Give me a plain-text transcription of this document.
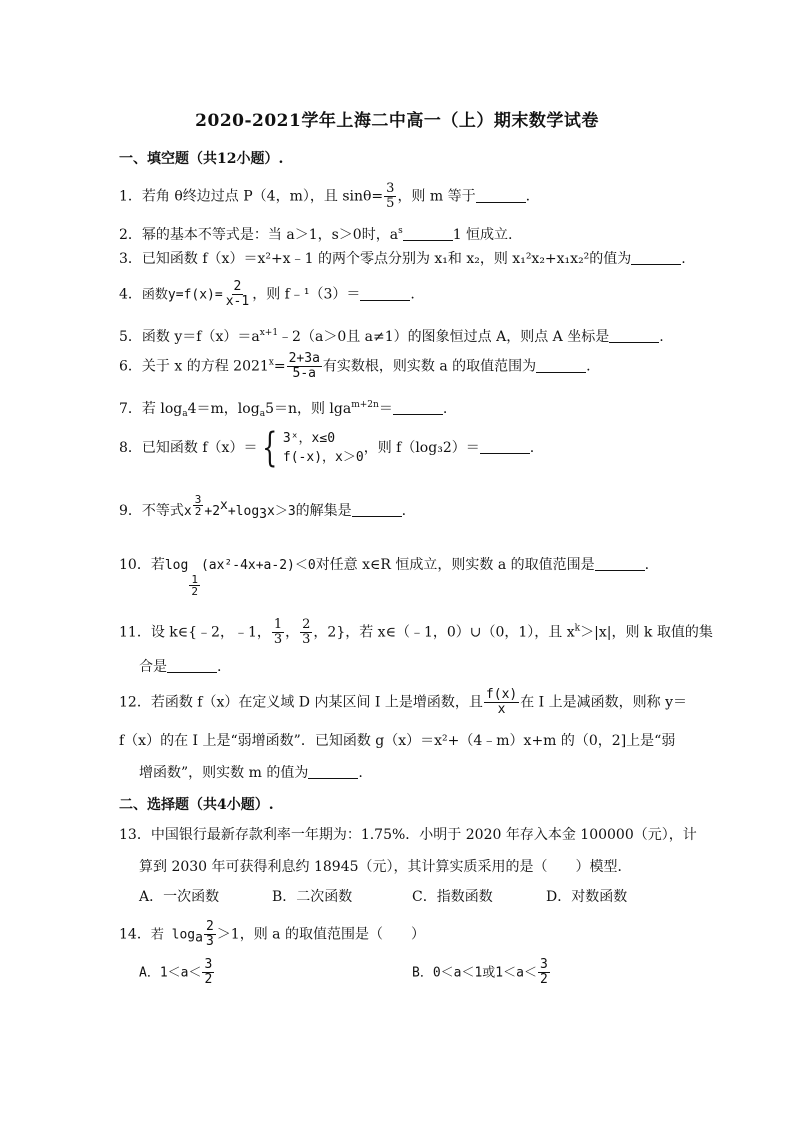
2020-2021学年上海二中高一（上）期末数学试卷
一、填空题（共12小题）.
1．若角 θ终边过点 P（4，m），且 $\sin\theta= \frac{3}{5}$ ，则 m 等于	.
2．幂的基本不等式是：当 a＞1，s＞0时，$a^s$	1 恒成立.
3．已知函数 f（x）＝x²+x﹣1 的两个零点分别为 x₁和 x₂，则 x₁²x₂+x₁x₂²的值为	.
4．函数$y=f(x)= \frac{2}{x-1}$ ，则 f﹣¹（3）＝	.
5．函数 $y=f(x)=a^{x+1}﹣2(a>0$且 a≠1）的图象恒过点 A，则点 A 坐标是	.
6．关于 x 的方程 $2021^x= \frac{2+3a}{5-a}$ 有实数根，则实数 a 的取值范围为	.
7．若 $\log_a4=m$，$\log_a5=n$，则 lga$^{m+2n}$＝	.
8．已知函数 f（x）＝ { 3ˣ，x≤0
f(-x)，x＞0
，则 f（log₃2）＝	.
9．不等式x $\frac{3}{2} +2^x+\log_3x>3$的解集是	.
10．若log
$\frac{1}{2}$
(ax²-4x+a-2)＜0对任意 x∈R 恒成立，则实数 a 的取值范围是	.
11．设 k∈{﹣2，﹣1， $\frac{1}{3}$ ， $\frac{2}{3}$ ，2}，若 x∈（﹣1，0）∪（0，1），且 $x^k>|x|$，则 k 取值的集
合是	.
12．若函数 f（x）在定义域 D 内某区间 I 上是增函数，且 $\frac{f(x)}{x}$ 在 I 上是减函数，则称 y＝
f（x）的在 I 上是“弱增函数”．已知函数 g（x）＝x²+（4﹣m）x+m 的（0，2]上是“弱
增函数”，则实数 m 的值为	.
二、选择题（共4小题）.
13．中国银行最新存款利率一年期为：1.75%．小明于 2020 年存入本金 100000（元），计
算到 2030 年可获得利息约 18945（元），其计算实质采用的是（　　）模型．
A．一次函数	B．二次函数	C．指数函数	D．对数函数
14．若 $\log_a \frac{2}{3} >1$，则 a 的取值范围是（　　）
A．$1<a< \frac{3}{2}$	B．0＜a＜1或$1<a< \frac{3}{2}$
